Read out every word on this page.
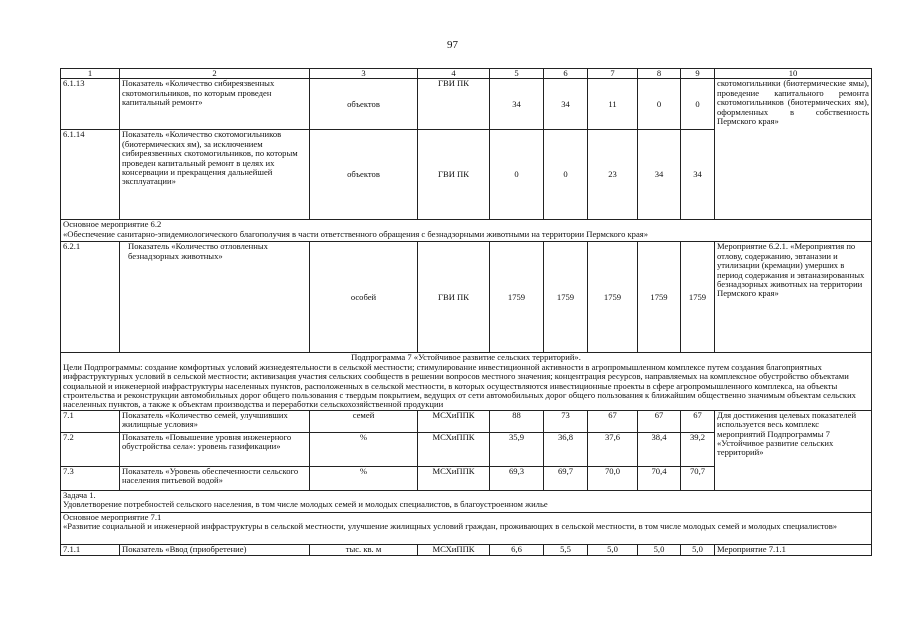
97
1	2	3	4	5	6	7	8	9	10
6.1.13	Показатель «Количество сибиреязвенных скотомогильников, по которым проведен капитальный ремонт»	объектов	ГВИ ПК	34	34	11	0	0	скотомогильники (биотермические ямы), проведение капитального ремонта скотомогильников (биотермических ям), оформленных в собственность Пермского края»
6.1.14	Показатель «Количество скотомогильников (биотермических ям), за исключением сибиреязвенных скотомогильников, по которым проведен капитальный ремонт в целях их консервации и прекращения дальнейшей эксплуатации»	объектов	ГВИ ПК	0	0	23	34	34	
Основное мероприятие 6.2
«Обеспечение санитарно-эпидемиологического благополучия в части ответственного обращения с безнадзорными животными на территории Пермского края»									
6.2.1	Показатель «Количество отловленных безнадзорных животных»	особей	ГВИ ПК	1759	1759	1759	1759	1759	Мероприятие 6.2.1. «Мероприятия по отлову, содержанию, эвтаназии и утилизации (кремации) умерших в период содержания и эвтаназированных безнадзорных животных на территории Пермского края»

Подпрограмма 7 «Устойчивое развитие сельских территорий».
Цели Подпрограммы: создание комфортных условий жизнедеятельности в сельской местности; стимулирование инвестиционной активности в агропромышленном комплексе путем создания благоприятных инфраструктурных условий в сельской местности; активизация участия сельских сообществ в решении вопросов местного значения; концентрация ресурсов, направляемых на комплексное обустройство объектами социальной и инженерной инфраструктуры населенных пунктов, расположенных в сельской местности, в которых осуществляются инвестиционные проекты в сфере агропромышленного комплекса, на объекты строительства и реконструкции автомобильных дорог общего пользования с твердым покрытием, ведущих от сети автомобильных дорог общего пользования к ближайшим общественно значимым объектам сельских населенных пунктов, а также к объектам производства и переработки сельскохозяйственной продукции									

7.1	Показатель «Количество семей, улучшивших жилищные условия»	семей	МСХиППК	88	73	67	67	67	Для достижения целевых показателей используется весь комплекс мероприятий Подпрограммы 7 «Устойчивое развитие сельских территорий»
7.2	Показатель «Повышение уровня инженерного обустройства села»: уровень газификации»	%	МСХиППК	35,9	36,8	37,6	38,4	39,2	
7.3	Показатель «Уровень обеспеченности сельского населения питьевой водой»	%	МСХиППК	69,3	69,7	70,0	70,4	70,7	
Задача 1.
Удовлетворение потребностей сельского населения, в том числе молодых семей и молодых специалистов, в благоустроенном жилье									
Основное мероприятие 7.1
«Развитие социальной и инженерной инфраструктуры в сельской местности, улучшение жилищных условий граждан, проживающих в сельской местности, в том числе молодых семей и молодых специалистов»									
7.1.1	Показатель «Ввод (приобретение)	тыс. кв. м	МСХиППК	6,6	5,5	5,0	5,0	5,0	Мероприятие 7.1.1
